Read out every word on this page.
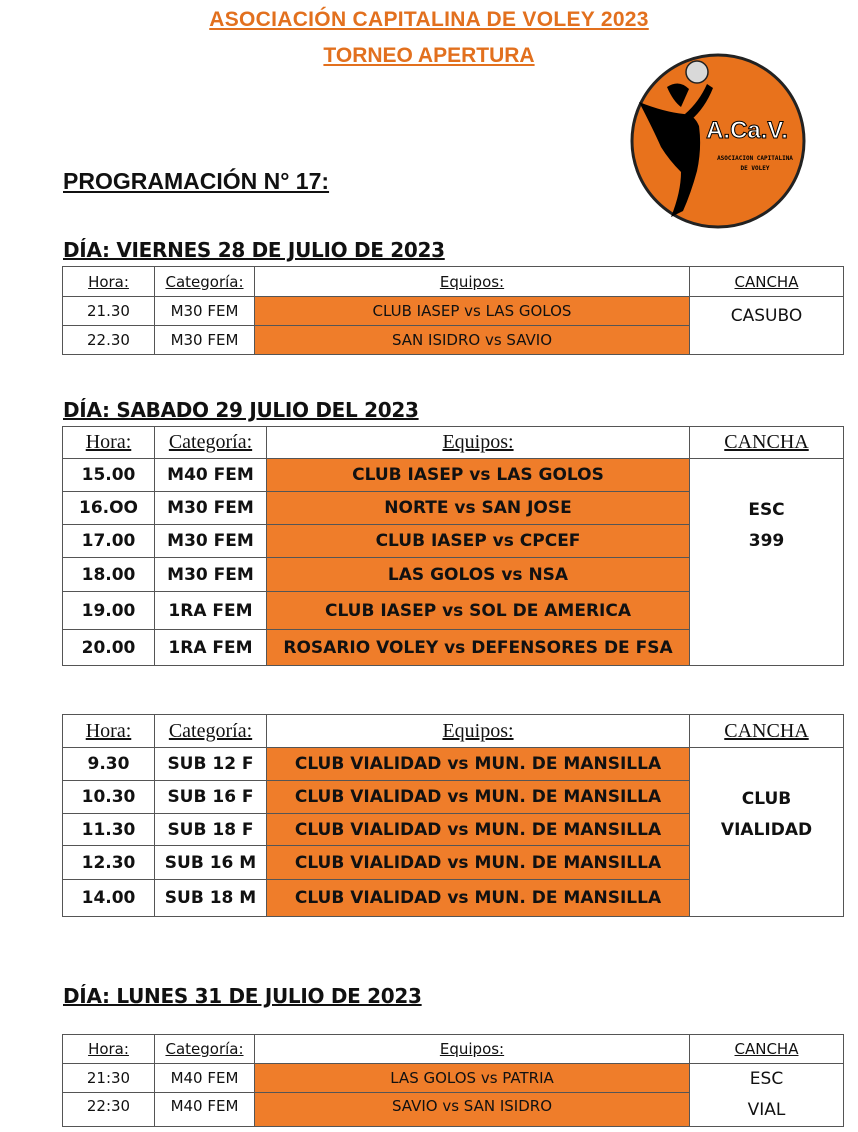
ASOCIACIÓN CAPITALINA DE VOLEY 2023
TORNEO APERTURA
A.Ca.V.
ASOCIACION CAPITALINA
DE VOLEY
PROGRAMACIÓN N° 17:
DÍA: VIERNES 28 DE JULIO DE 2023
Hora:	Categoría:	Equipos:	CANCHA
21.30	M30 FEM	CLUB IASEP vs LAS GOLOS	CASUBO

22.30	M30 FEM	SAN ISIDRO vs SAVIO	
DÍA: SABADO 29 JULIO DEL 2023
Hora:	Categoría:	Equipos:	CANCHA
15.00	M40 FEM	CLUB IASEP vs LAS GOLOS	ESC
399

16.OO	M30 FEM	NORTE vs SAN JOSE	
17.00	M30 FEM	CLUB IASEP vs CPCEF	
18.00	M30 FEM	LAS GOLOS vs NSA	
19.00	1RA FEM	CLUB IASEP vs SOL DE AMERICA	
20.00	1RA FEM	ROSARIO VOLEY vs DEFENSORES DE FSA	
Hora:	Categoría:	Equipos:	CANCHA
9.30	SUB 12 F	CLUB VIALIDAD vs MUN. DE MANSILLA	CLUB
VIALIDAD

10.30	SUB 16 F	CLUB VIALIDAD vs MUN. DE MANSILLA	
11.30	SUB 18 F	CLUB VIALIDAD vs MUN. DE MANSILLA	
12.30	SUB 16 M	CLUB VIALIDAD vs MUN. DE MANSILLA	
14.00	SUB 18 M	CLUB VIALIDAD vs MUN. DE MANSILLA	
DÍA: LUNES 31 DE JULIO DE 2023
Hora:	Categoría:	Equipos:	CANCHA
21:30	M40 FEM	LAS GOLOS vs PATRIA	ESC
VIAL

22:30	M40 FEM	SAVIO vs SAN ISIDRO	
